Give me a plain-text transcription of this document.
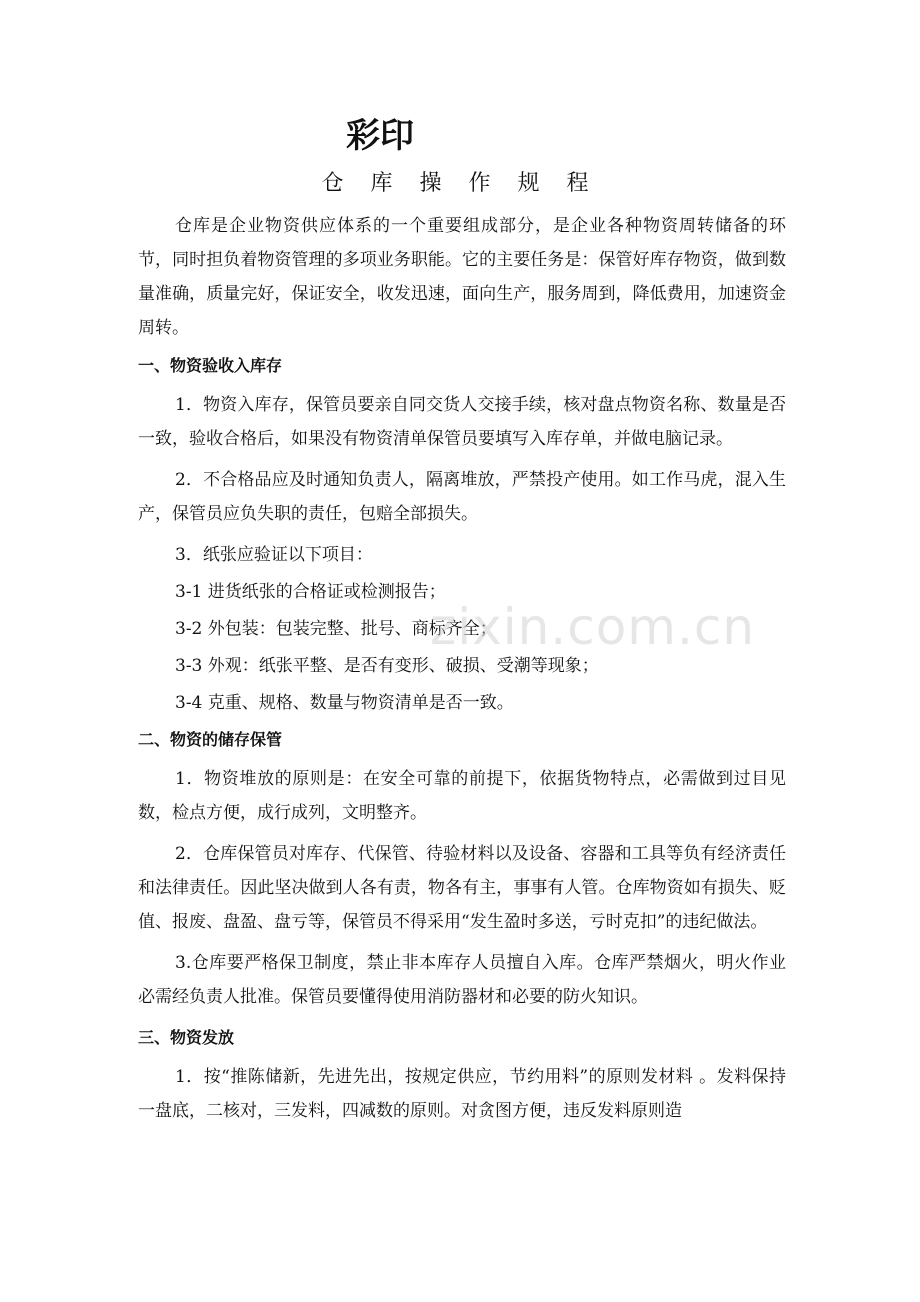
彩印
仓 库 操 作 规 程

仓库是企业物资供应体系的一个重要组成部分，是企业各种物资周转储备的环节，同时担负着物资管理的多项业务职能。它的主要任务是：保管好库存物资，做到数量准确，质量完好，保证安全，收发迅速，面向生产，服务周到，降低费用，加速资金周转。

一、物资验收入库存

1．物资入库存，保管员要亲自同交货人交接手续，核对盘点物资名称、数量是否一致，验收合格后，如果没有物资清单保管员要填写入库存单，并做电脑记录。

2．不合格品应及时通知负责人，隔离堆放，严禁投产使用。如工作马虎，混入生产，保管员应负失职的责任，包赔全部损失。

3．纸张应验证以下项目：

3-1 进货纸张的合格证或检测报告；

3-2 外包装：包装完整、批号、商标齐全；

3-3 外观：纸张平整、是否有变形、破损、受潮等现象；

3-4 克重、规格、数量与物资清单是否一致。

二、物资的储存保管

1．物资堆放的原则是：在安全可靠的前提下，依据货物特点，必需做到过目见数，检点方便，成行成列，文明整齐。

2．仓库保管员对库存、代保管、待验材料以及设备、容器和工具等负有经济责任和法律责任。因此坚决做到人各有责，物各有主，事事有人管。仓库物资如有损失、贬值、报废、盘盈、盘亏等，保管员不得采用“发生盈时多送，亏时克扣”的违纪做法。

3.仓库要严格保卫制度，禁止非本库存人员擅自入库。仓库严禁烟火，明火作业必需经负责人批准。保管员要懂得使用消防器材和必要的防火知识。

三、物资发放

1．按“推陈储新，先进先出，按规定供应，节约用料”的原则发材料 。发料保持一盘底，二核对，三发料，四减数的原则。对贪图方便，违反发料原则造

zixin.com.cn
